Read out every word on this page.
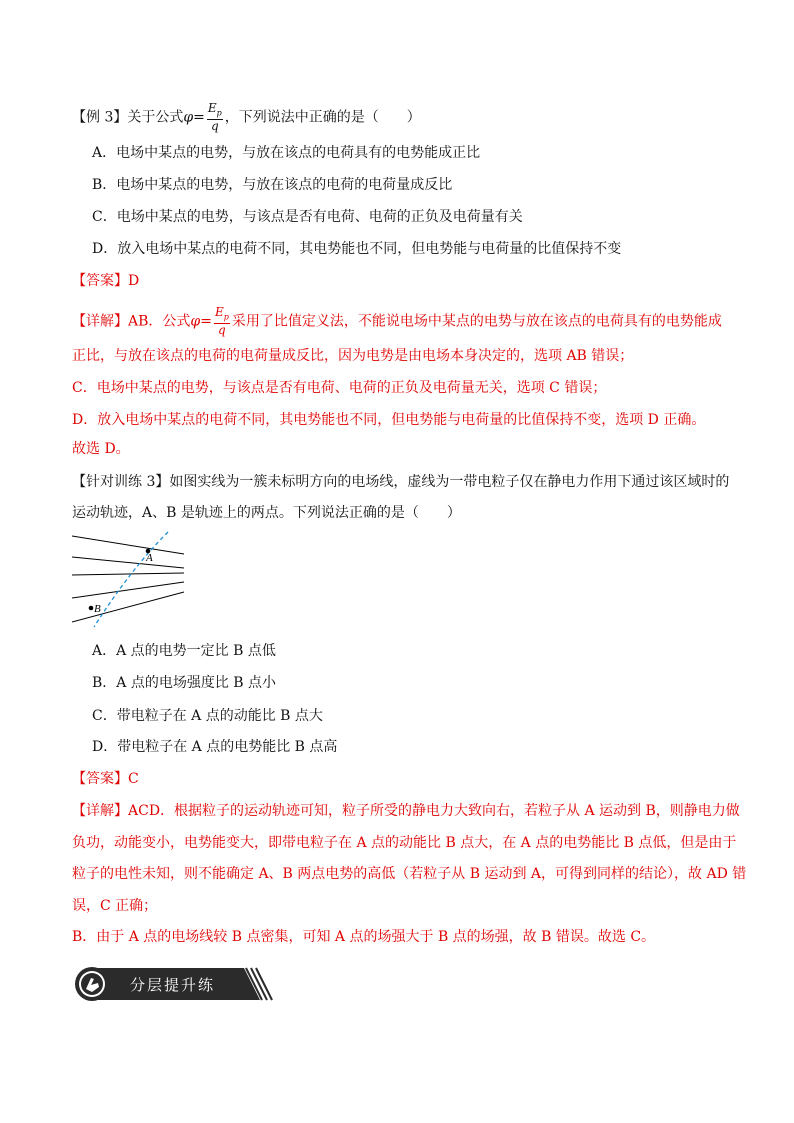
【例 3】关于公式$\varphi= \frac{E_p}{q}$ ，下列说法中正确的是（　　）
A．电场中某点的电势，与放在该点的电荷具有的电势能成正比
B．电场中某点的电势，与放在该点的电荷的电荷量成反比
C．电场中某点的电势，与该点是否有电荷、电荷的正负及电荷量有关
D．放入电场中某点的电荷不同，其电势能也不同，但电势能与电荷量的比值保持不变
【答案】D
【详解】AB．公式$\varphi= \frac{E_p}{q}$ 采用了比值定义法，不能说电场中某点的电势与放在该点的电荷具有的电势能成
正比，与放在该点的电荷的电荷量成反比，因为电势是由电场本身决定的，选项 AB 错误；
C．电场中某点的电势，与该点是否有电荷、电荷的正负及电荷量无关，选项 C 错误；
D．放入电场中某点的电荷不同，其电势能也不同，但电势能与电荷量的比值保持不变，选项 D 正确。
故选 D。
【针对训练 3】如图实线为一簇未标明方向的电场线，虚线为一带电粒子仅在静电力作用下通过该区域时的
运动轨迹，A、B 是轨迹上的两点。下列说法正确的是（　　）
A
B
A．A 点的电势一定比 B 点低
B．A 点的电场强度比 B 点小
C．带电粒子在 A 点的动能比 B 点大
D．带电粒子在 A 点的电势能比 B 点高
【答案】C
【详解】ACD．根据粒子的运动轨迹可知，粒子所受的静电力大致向右，若粒子从 A 运动到 B，则静电力做
负功，动能变小，电势能变大，即带电粒子在 A 点的动能比 B 点大，在 A 点的电势能比 B 点低，但是由于
粒子的电性未知，则不能确定 A、B 两点电势的高低（若粒子从 B 运动到 A，可得到同样的结论），故 AD 错
误，C 正确；
B．由于 A 点的电场线较 B 点密集，可知 A 点的场强大于 B 点的场强，故 B 错误。故选 C。
分层提升练
